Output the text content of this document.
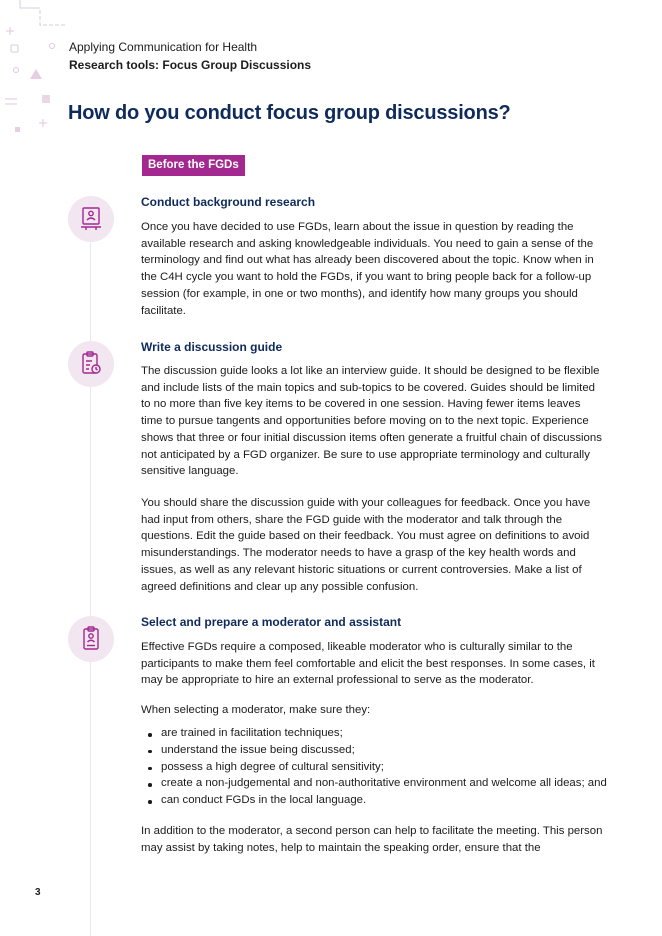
Applying Communication for Health
Research tools: Focus Group Discussions
How do you conduct focus group discussions?
Before the FGDs
Conduct background research

Once you have decided to use FGDs, learn about the issue in question by reading the available research and asking knowledgeable individuals. You need to gain a sense of the terminology and find out what has already been discovered about the topic. Know when in the C4H cycle you want to hold the FGDs, if you want to bring people back for a follow-up session (for example, in one or two months), and identify how many groups you should facilitate.

Write a discussion guide

The discussion guide looks a lot like an interview guide. It should be designed to be flexible and include lists of the main topics and sub-topics to be covered. Guides should be limited to no more than five key items to be covered in one session. Having fewer items leaves time to pursue tangents and opportunities before moving on to the next topic. Experience shows that three or four initial discussion items often generate a fruitful chain of discussions not anticipated by a FGD organizer. Be sure to use appropriate terminology and culturally sensitive language.

You should share the discussion guide with your colleagues for feedback. Once you have had input from others, share the FGD guide with the moderator and talk through the questions. Edit the guide based on their feedback. You must agree on definitions to avoid misunderstandings. The moderator needs to have a grasp of the key health words and issues, as well as any relevant historic situations or current controversies. Make a list of agreed definitions and clear up any possible confusion.

Select and prepare a moderator and assistant

Effective FGDs require a composed, likeable moderator who is culturally similar to the participants to make them feel comfortable and elicit the best responses. In some cases, it may be appropriate to hire an external professional to serve as the moderator.

When selecting a moderator, make sure they:

are trained in facilitation techniques;
understand the issue being discussed;
possess a high degree of cultural sensitivity;
create a non-judgemental and non-authoritative environment and welcome all ideas; and
can conduct FGDs in the local language.

In addition to the moderator, a second person can help to facilitate the meeting. This person may assist by taking notes, help to maintain the speaking order, ensure that the

3
